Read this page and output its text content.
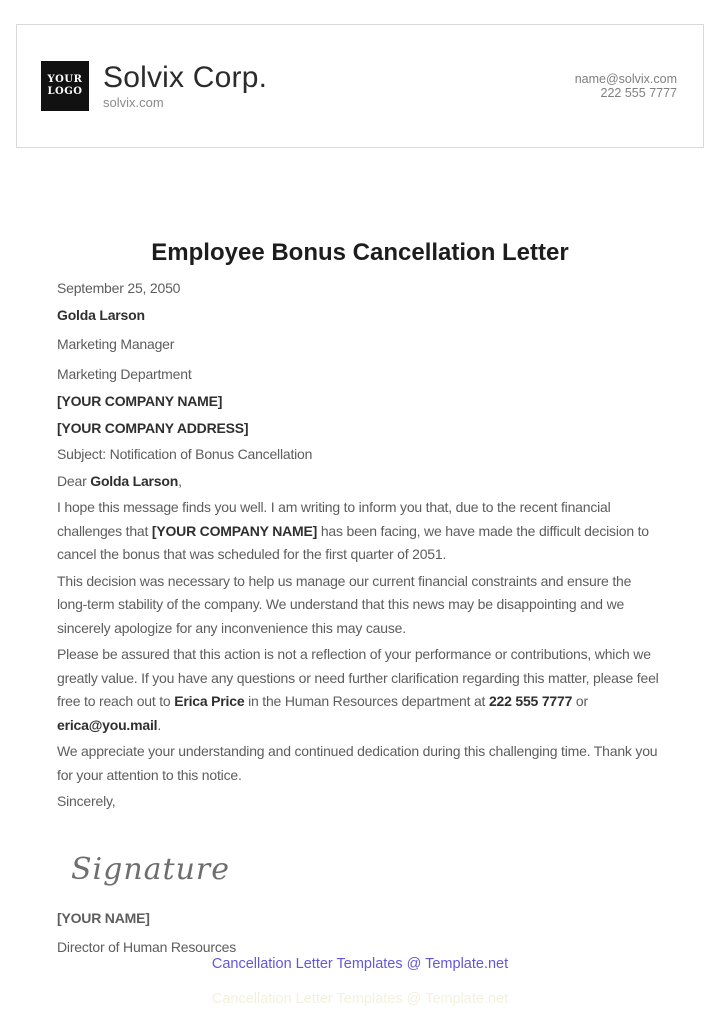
YOUR
LOGO Solvix Corp.
solvix.com
name@solvix.com
222 555 7777
Employee Bonus Cancellation Letter

September 25, 2050

Golda Larson

Marketing Manager

Marketing Department

[YOUR COMPANY NAME]

[YOUR COMPANY ADDRESS]

Subject: Notification of Bonus Cancellation

Dear Golda Larson,

I hope this message finds you well. I am writing to inform you that, due to the recent financial challenges that [YOUR COMPANY NAME] has been facing, we have made the difficult decision to cancel the bonus that was scheduled for the first quarter of 2051.

This decision was necessary to help us manage our current financial constraints and ensure the long-term stability of the company. We understand that this news may be disappointing and we sincerely apologize for any inconvenience this may cause.

Please be assured that this action is not a reflection of your performance or contributions, which we greatly value. If you have any questions or need further clarification regarding this matter, please feel free to reach out to Erica Price in the Human Resources department at 222 555 7777 or erica@you.mail.

We appreciate your understanding and continued dedication during this challenging time. Thank you for your attention to this notice.

Sincerely,

Signature

[YOUR NAME]

Director of Human Resources

Cancellation Letter Templates @ Template.net
Cancellation Letter Templates @ Template.net
